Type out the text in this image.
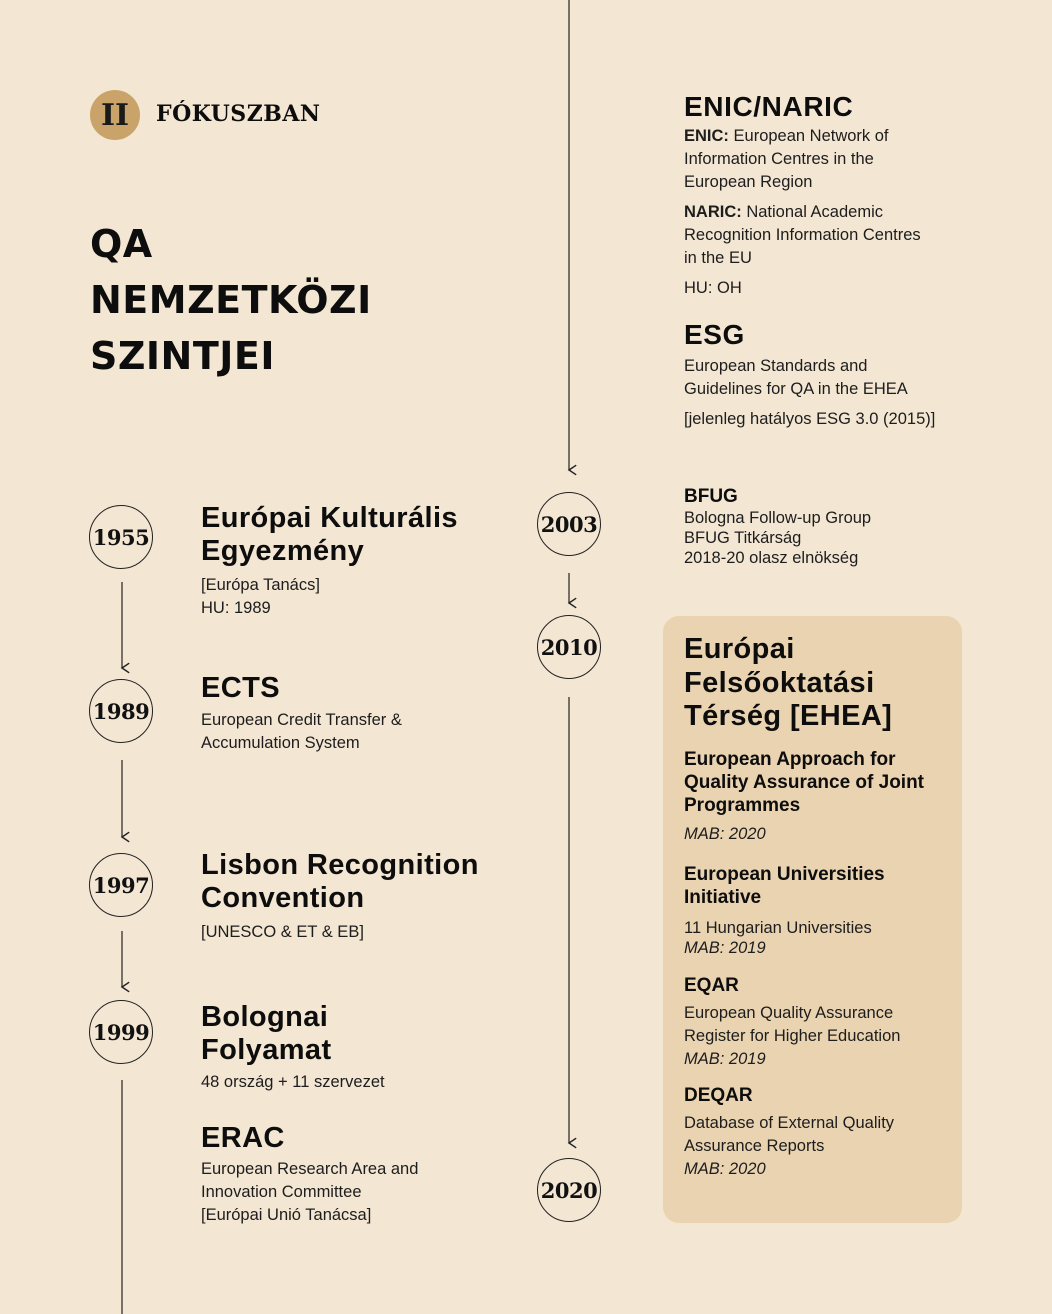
II FÓKUSZBAN
QA
NEMZETKÖZI
SZINTJEI
1955
Európai Kulturális
Egyezmény
[Európa Tanács]
HU: 1989
1989
ECTS
European Credit Transfer &
Accumulation System
1997
Lisbon Recognition
Convention
[UNESCO & ET & EB]
1999 Bolognai
Folyamat
48 ország + 11 szervezet
ERAC
European Research Area and
Innovation Committee
[Európai Unió Tanácsa]
ENIC/NARIC
ENIC: European Network of
Information Centres in the
European Region
NARIC: National Academic
Recognition Information Centres
in the EU
HU: OH
ESG
European Standards and
Guidelines for QA in the EHEA
[jelenleg hatályos ESG 3.0 (2015)]
2003
2010
2020
BFUG
Bologna Follow-up Group
BFUG Titkárság
2018-20 olasz elnökség
Európai
Felsőoktatási
Térség [EHEA]
European Approach for
Quality Assurance of Joint
Programmes
MAB: 2020
European Universities
Initiative
11 Hungarian Universities
MAB: 2019
EQAR
European Quality Assurance
Register for Higher Education
MAB: 2019
DEQAR
Database of External Quality
Assurance Reports
MAB: 2020
